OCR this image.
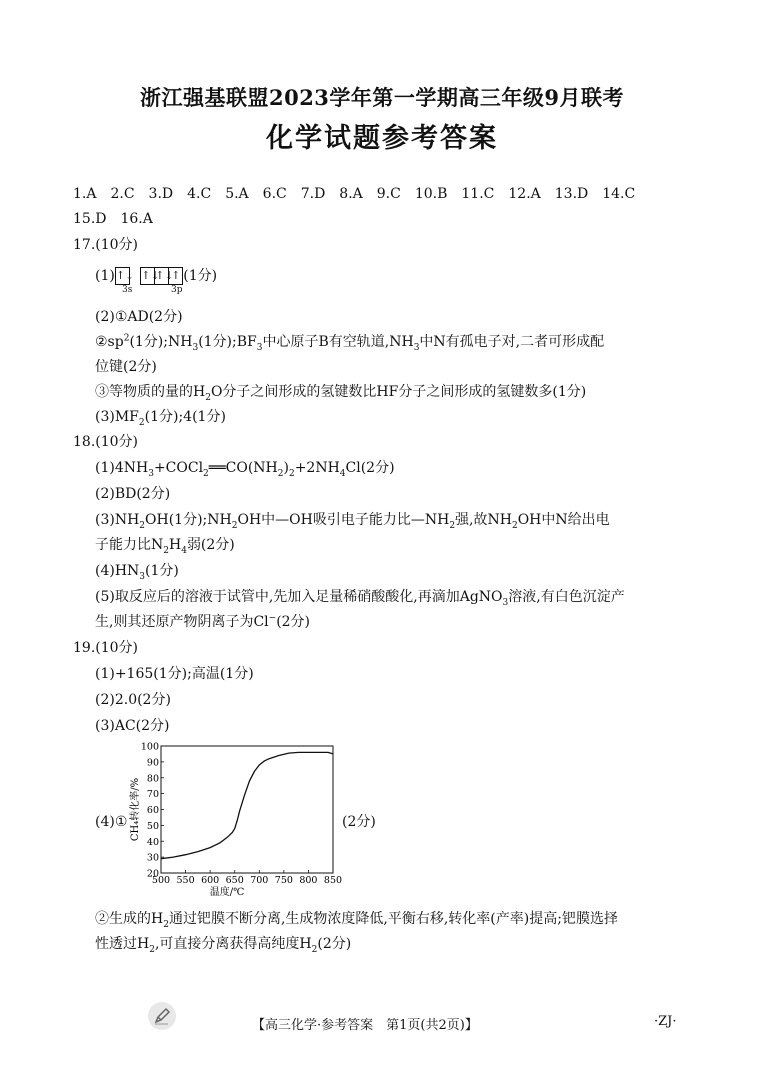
浙江强基联盟2023学年第一学期高三年级9月联考
化学试题参考答案
1.A　2.C　3.D　4.C　5.A　6.C　7.D　8.A　9.C　10.B　11.C　12.A　13.D　14.C
15.D　16.A
17.(10分)
(1)↑↓ ↑↓↑↓↑ (1分)
3s	3p
(2)①AD(2分)
$②sp^2(1$分)$;NH_3(1$分)$;BF_3$中心原子B有空轨道$,NH_3$中N有孤电子对,二者可形成配
位键(2分)
③等物质的量的$H_2O$分子之间形成的氢键数比HF分子之间形成的氢键数多(1分)
$(3)MF_2(1$分);4(1分)
18.(10分)
$(1)4NH_3+COCl_2══CO(NH_2)_2+2NH_4Cl(2$分)
(2)BD(2分)
$(3)NH_2OH(1$分)$;NH_2OH$中—OH吸引电子能力比$—NH_2$强,故$NH_2OH$中N给出电
子能力比$N_2H_4$弱(2分)
$(4)HN_3(1$分)
(5)取反应后的溶液于试管中,先加入足量稀硝酸酸化,再滴加AgNO$_3$溶液,有白色沉淀产
生,则其还原产物阴离子为Cl−(2分)
19.(10分)
(1)+165(1分);高温(1分)
(2)2.0(2分)
(3)AC(2分)
(4)①	(2分)
500 550 600 650 700 750 800 850
20
30
40
50
60
70
80
90
100
温度/℃
CH₄转化率/%
②生成的$H_2$通过钯膜不断分离,生成物浓度降低,平衡右移,转化率(产率)提高;钯膜选择
性透过$H_2$,可直接分离获得高纯度$H_2(2$分)
【高三化学·参考答案　第1页(共2页)】	·ZJ·
